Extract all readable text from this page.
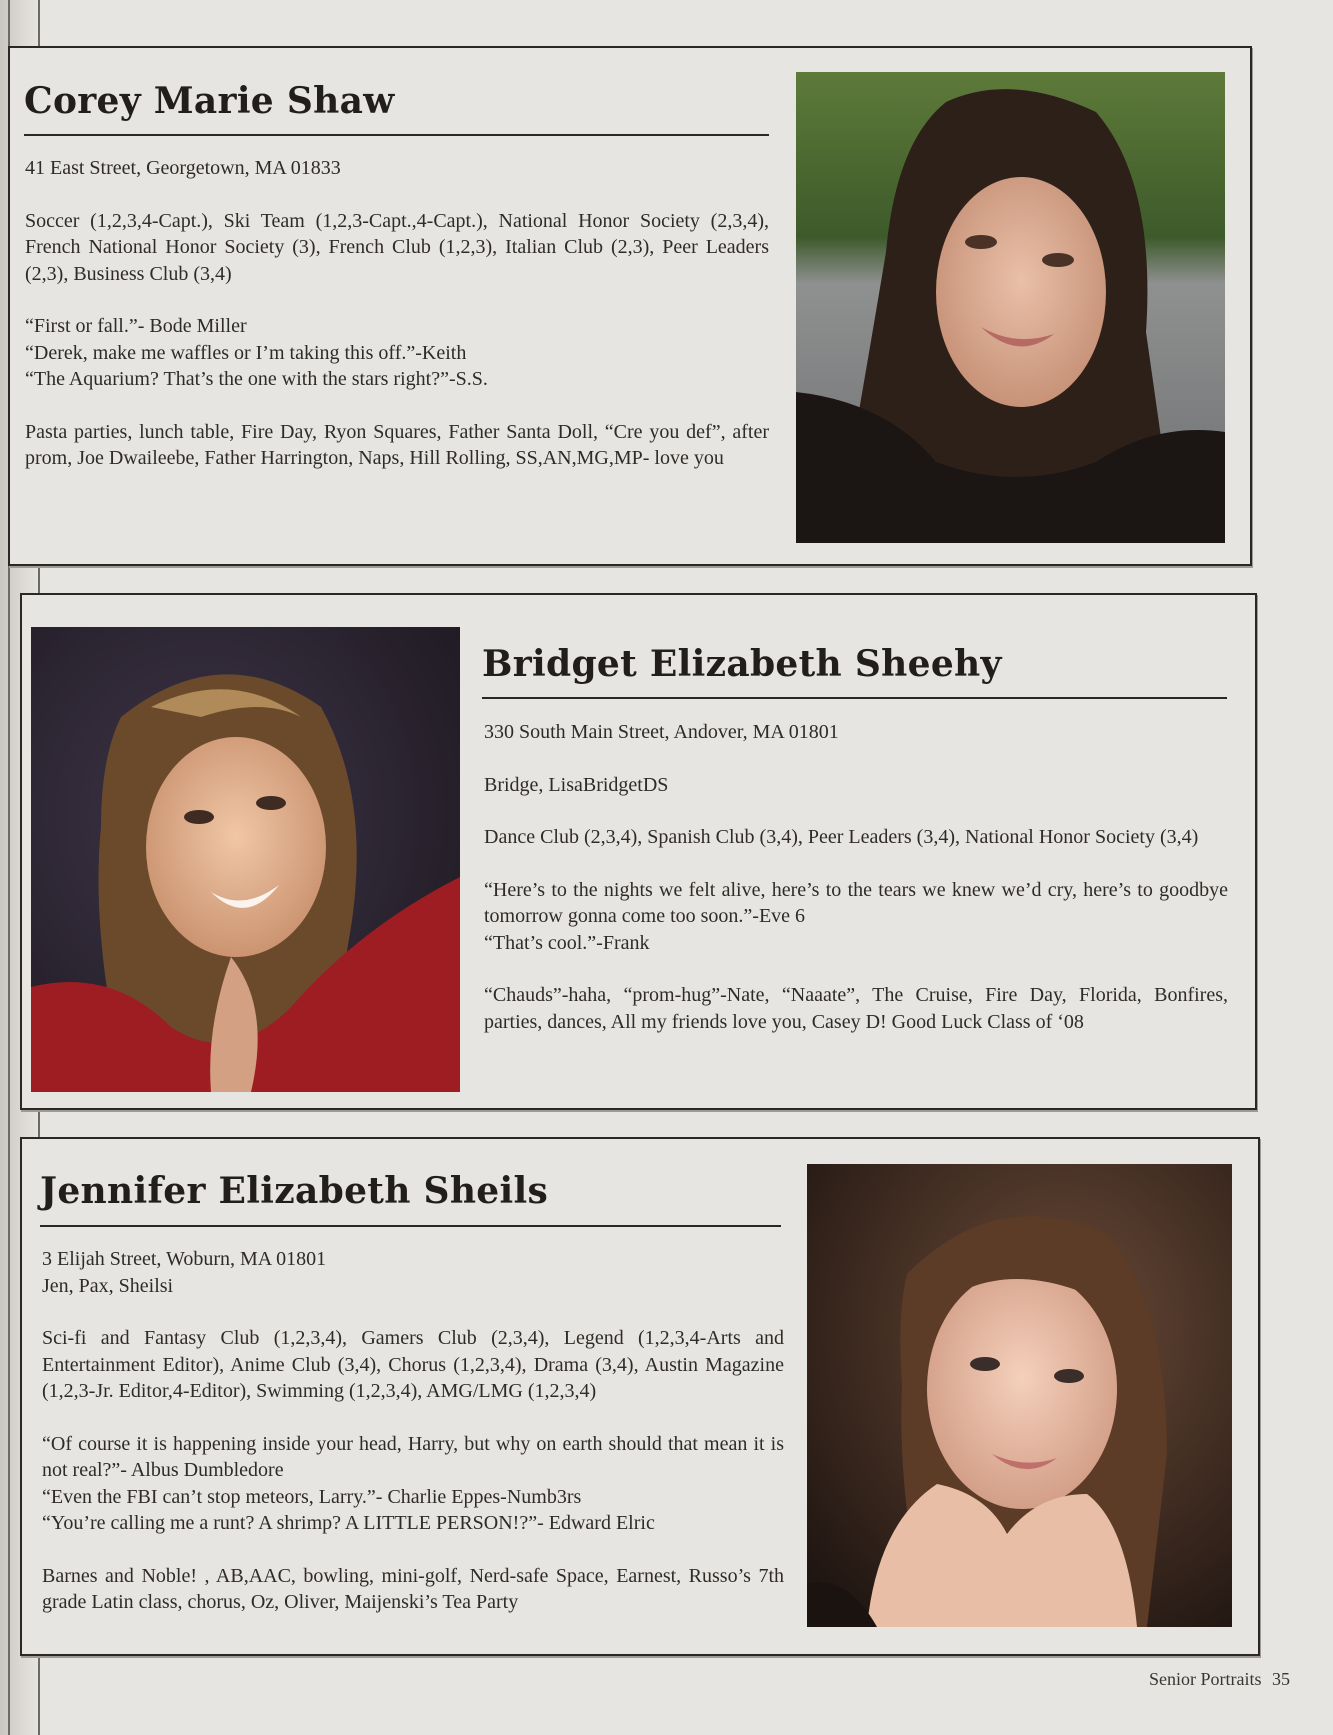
Corey Marie Shaw

41 East Street, Georgetown, MA 01833

Soccer (1,2,3,4-Capt.), Ski Team (1,2,3-Capt.,4-Capt.), National Honor Society (2,3,4), French National Honor Society (3), French Club (1,2,3), Italian Club (2,3), Peer Leaders (2,3), Business Club (3,4)

“First or fall.”- Bode Miller
“Derek, make me waffles or I’m taking this off.”-Keith
“The Aquarium? That’s the one with the stars right?”-S.S.

Pasta parties, lunch table, Fire Day, Ryon Squares, Father Santa Doll, “Cre you def”, after prom, Joe Dwaileebe, Father Harrington, Naps, Hill Rolling, SS,AN,MG,MP- love you

Bridget Elizabeth Sheehy

330 South Main Street, Andover, MA 01801

Bridge, LisaBridgetDS

Dance Club (2,3,4), Spanish Club (3,4), Peer Leaders (3,4), National Honor Society (3,4)

“Here’s to the nights we felt alive, here’s to the tears we knew we’d cry, here’s to goodbye tomorrow gonna come too soon.”-Eve 6
“That’s cool.”-Frank

“Chauds”-haha, “prom-hug”-Nate, “Naaate”, The Cruise, Fire Day, Florida, Bonfires, parties, dances, All my friends love you, Casey D! Good Luck Class of ‘08

Jennifer Elizabeth Sheils

3 Elijah Street, Woburn, MA 01801
Jen, Pax, Sheilsi

Sci-fi and Fantasy Club (1,2,3,4), Gamers Club (2,3,4), Legend (1,2,3,4-Arts and Entertainment Editor), Anime Club (3,4), Chorus (1,2,3,4), Drama (3,4), Austin Magazine (1,2,3-Jr. Editor,4-Editor), Swimming (1,2,3,4), AMG/LMG (1,2,3,4)

“Of course it is happening inside your head, Harry, but why on earth should that mean it is not real?”- Albus Dumbledore
“Even the FBI can’t stop meteors, Larry.”- Charlie Eppes-Numb3rs
“You’re calling me a runt? A shrimp? A LITTLE PERSON!?”- Edward Elric

Barnes and Noble! , AB,AAC, bowling, mini-golf, Nerd-safe Space, Earnest, Russo’s 7th grade Latin class, chorus, Oz, Oliver, Maijenski’s Tea Party

Senior Portraits 35
